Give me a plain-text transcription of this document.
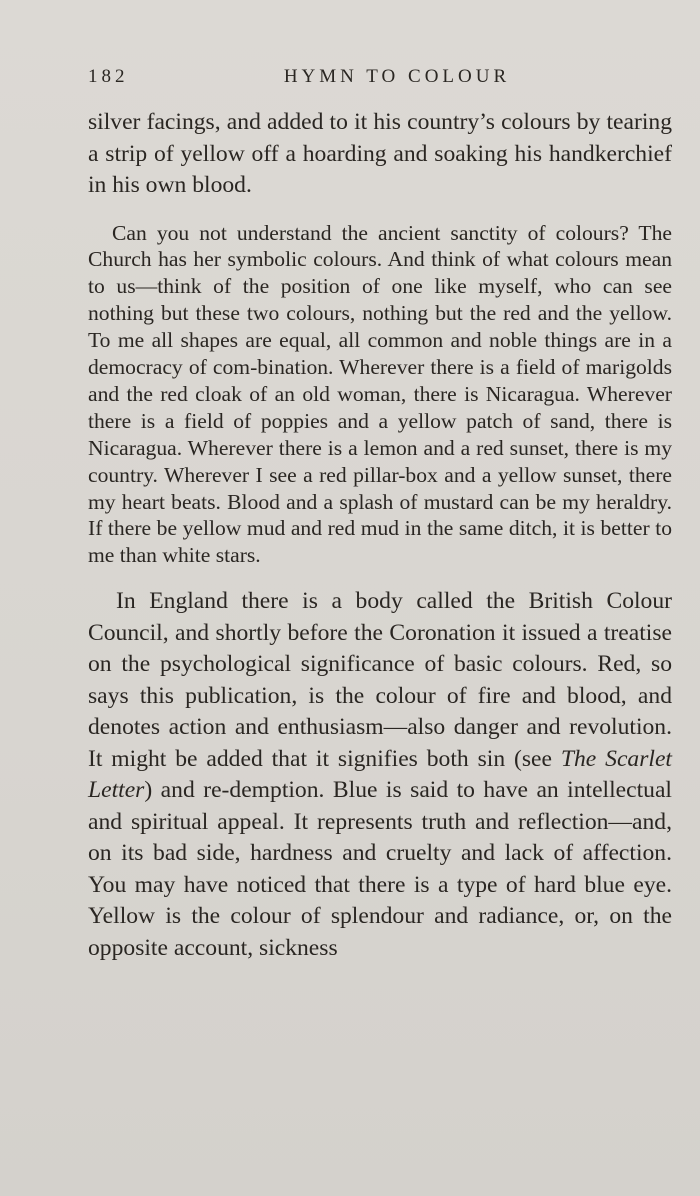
182	HYMN TO COLOUR

silver facings, and added to it his country’s colours by tearing a strip of yellow off a hoarding and soaking his handkerchief in his own blood.

Can you not understand the ancient sanctity of colours? The Church has her symbolic colours. And think of what colours mean to us—think of the position of one like myself, who can see nothing but these two colours, nothing but the red and the yellow. To me all shapes are equal, all common and noble things are in a democracy of com-bination. Wherever there is a field of marigolds and the red cloak of an old woman, there is Nicaragua. Wherever there is a field of poppies and a yellow patch of sand, there is Nicaragua. Wherever there is a lemon and a red sunset, there is my country. Wherever I see a red pillar-box and a yellow sunset, there my heart beats. Blood and a splash of mustard can be my heraldry. If there be yellow mud and red mud in the same ditch, it is better to me than white stars.

In England there is a body called the British Colour Council, and shortly before the Coronation it issued a treatise on the psychological significance of basic colours. Red, so says this publication, is the colour of fire and blood, and denotes action and enthusiasm—also danger and revolution. It might be added that it signifies both sin (see The Scarlet Letter) and re-demption. Blue is said to have an intellectual and spiritual appeal. It represents truth and reflection—and, on its bad side, hardness and cruelty and lack of affection. You may have noticed that there is a type of hard blue eye. Yellow is the colour of splendour and radiance, or, on the opposite account, sickness
